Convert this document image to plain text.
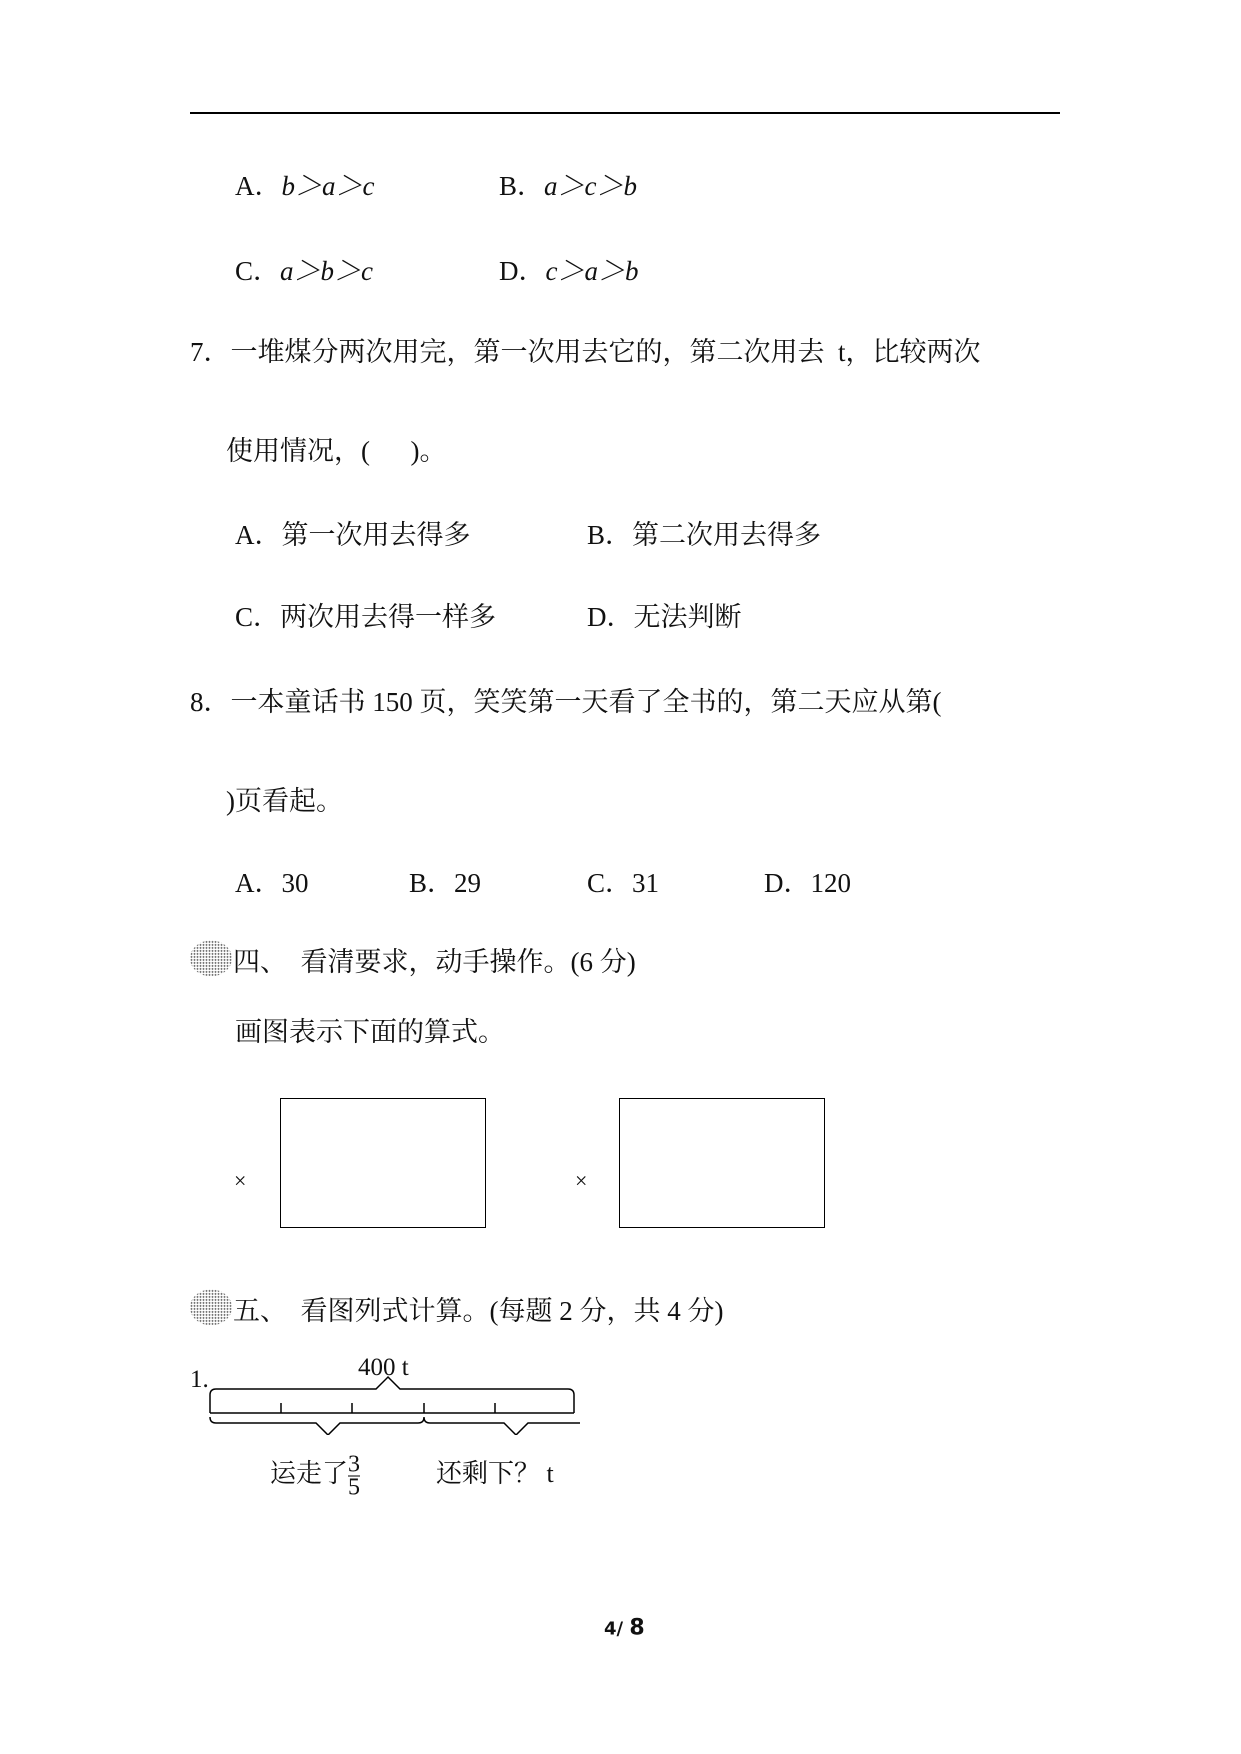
A．b＞a＞c	B．a＞c＞b
C．a＞b＞c	D．c＞a＞b
7．一堆煤分两次用完，第一次用去它的，第二次用去  t，比较两次
使用情况，(      )。
A．第一次用去得多	B．第二次用去得多
C．两次用去得一样多	D．无法判断
8．一本童话书 150 页，笑笑第一天看了全书的，第二天应从第(
)页看起。
A．30	B．29	C．31	D．120
四、  看清要求，动手操作。(6 分)
画图表示下面的算式。
×	×
五、  看图列式计算。(每题 2 分，共 4 分)
1.	400 t
运走了 $\frac{3}{5}$	还剩下？ t
4/ 8
